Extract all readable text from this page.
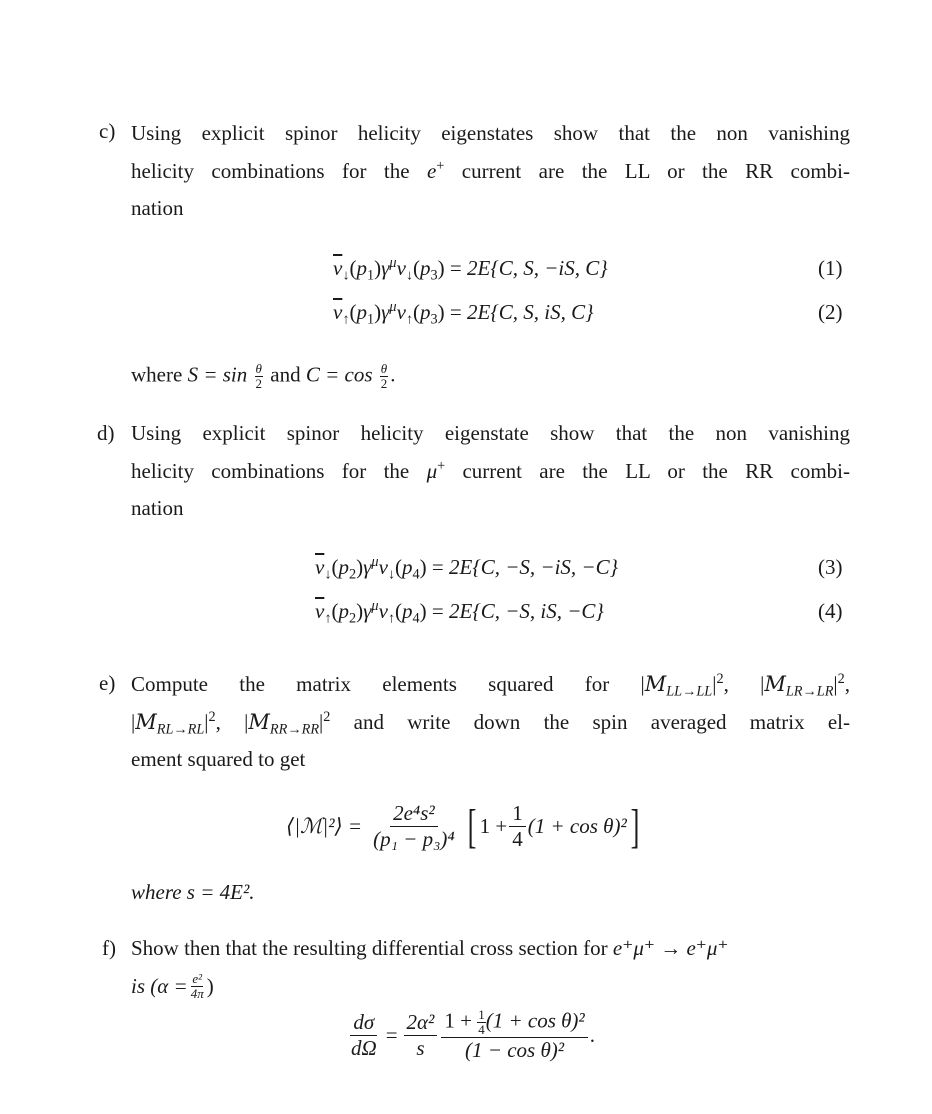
c) Using explicit spinor helicity eigenstates show that the non vanishing
helicity combinations for the e+ current are the LL or the RR combi-
nation
$\overline{v}_↓(p_1)\gamma^\mu v_↓(p_3) = 2E\{C$, S, −iS, C}	(1)
$\overline{v}_↑(p_1)\gamma^\mu v_↑(p_3) = 2E\{C$, S, iS, C}	(2)
where $S = \sin \frac{\theta}{2}$ and $C = \cos \frac{\theta}{2}$ .
d) Using explicit spinor helicity eigenstate show that the non vanishing
helicity combinations for the μ+ current are the LL or the RR combi-
nation
$\overline{v}_↓(p_2)\gamma^\mu v_↓(p_4) = 2E\{C$, −S, −iS, −C}	(3)
$\overline{v}_↑(p_2)\gamma^\mu v_↑(p_4) = 2E\{C$, −S, iS, −C}	(4)
e) Compute the matrix elements squared for $|M_{LL\to LL}|^2$, $|M_{LR\to LR}|^2$,
$|M_{RL\to RL}|^2$, $|M_{RR\to RR}|^2$ and write down the spin averaged matrix el-
ement squared to get
⟨|ℳ|²⟩ = $\frac{\text{2e⁴s²}}{\text{(p₁ − p₃)⁴}}$ [ $1 + \frac{1}{4} (1 + \cos \theta)^2$ ]
where s = 4E².
f) Show then that the resulting differential cross section for e⁺μ⁺ → e⁺μ⁺
is ($\alpha = \frac{\text{e²}}{4\pi}$ )
$\frac{d\sigma}{d\Omega} = \frac{\text{2α²}}{s} \frac{1 + \frac{1}{4} (1 + \cos \theta)^2}{\text{(1 − cos θ)²}}$ .
